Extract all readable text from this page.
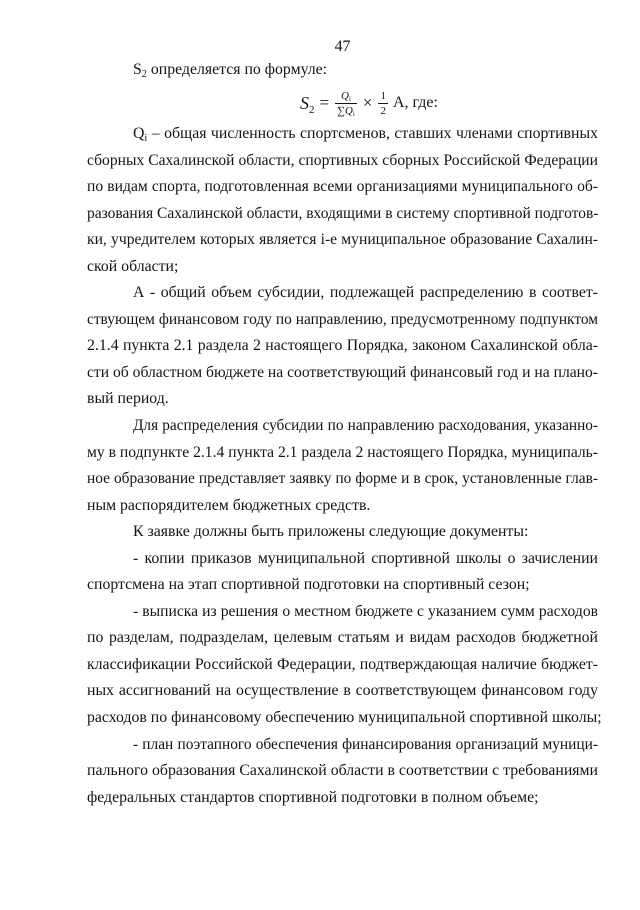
47
$S_2$ определяется по формуле:
$S_2 = \frac{Q_i}{\sum Q_i} \times \frac{1}{2} А$, где:
$Q_i$ – общая численность спортсменов, ставших членами спортивных
сборных Сахалинской области, спортивных сборных Российской Федерации
по видам спорта, подготовленная всеми организациями муниципального об-
разования Сахалинской области, входящими в систему спортивной подготов-
ки, учредителем которых является i-е муниципальное образование Сахалин-
ской области;
А - общий объем субсидии, подлежащей распределению в соответ-
ствующем финансовом году по направлению, предусмотренному подпунктом
2.1.4 пункта 2.1 раздела 2 настоящего Порядка, законом Сахалинской обла-
сти об областном бюджете на соответствующий финансовый год и на плано-
вый период.
Для распределения субсидии по направлению расходования, указанно-
му в подпункте 2.1.4 пункта 2.1 раздела 2 настоящего Порядка, муниципаль-
ное образование представляет заявку по форме и в срок, установленные глав-
ным распорядителем бюджетных средств.
К заявке должны быть приложены следующие документы:
- копии приказов муниципальной спортивной школы о зачислении
спортсмена на этап спортивной подготовки на спортивный сезон;
- выписка из решения о местном бюджете с указанием сумм расходов
по разделам, подразделам, целевым статьям и видам расходов бюджетной
классификации Российской Федерации, подтверждающая наличие бюджет-
ных ассигнований на осуществление в соответствующем финансовом году
расходов по финансовому обеспечению муниципальной спортивной школы;
- план поэтапного обеспечения финансирования организаций муници-
пального образования Сахалинской области в соответствии с требованиями
федеральных стандартов спортивной подготовки в полном объеме;
